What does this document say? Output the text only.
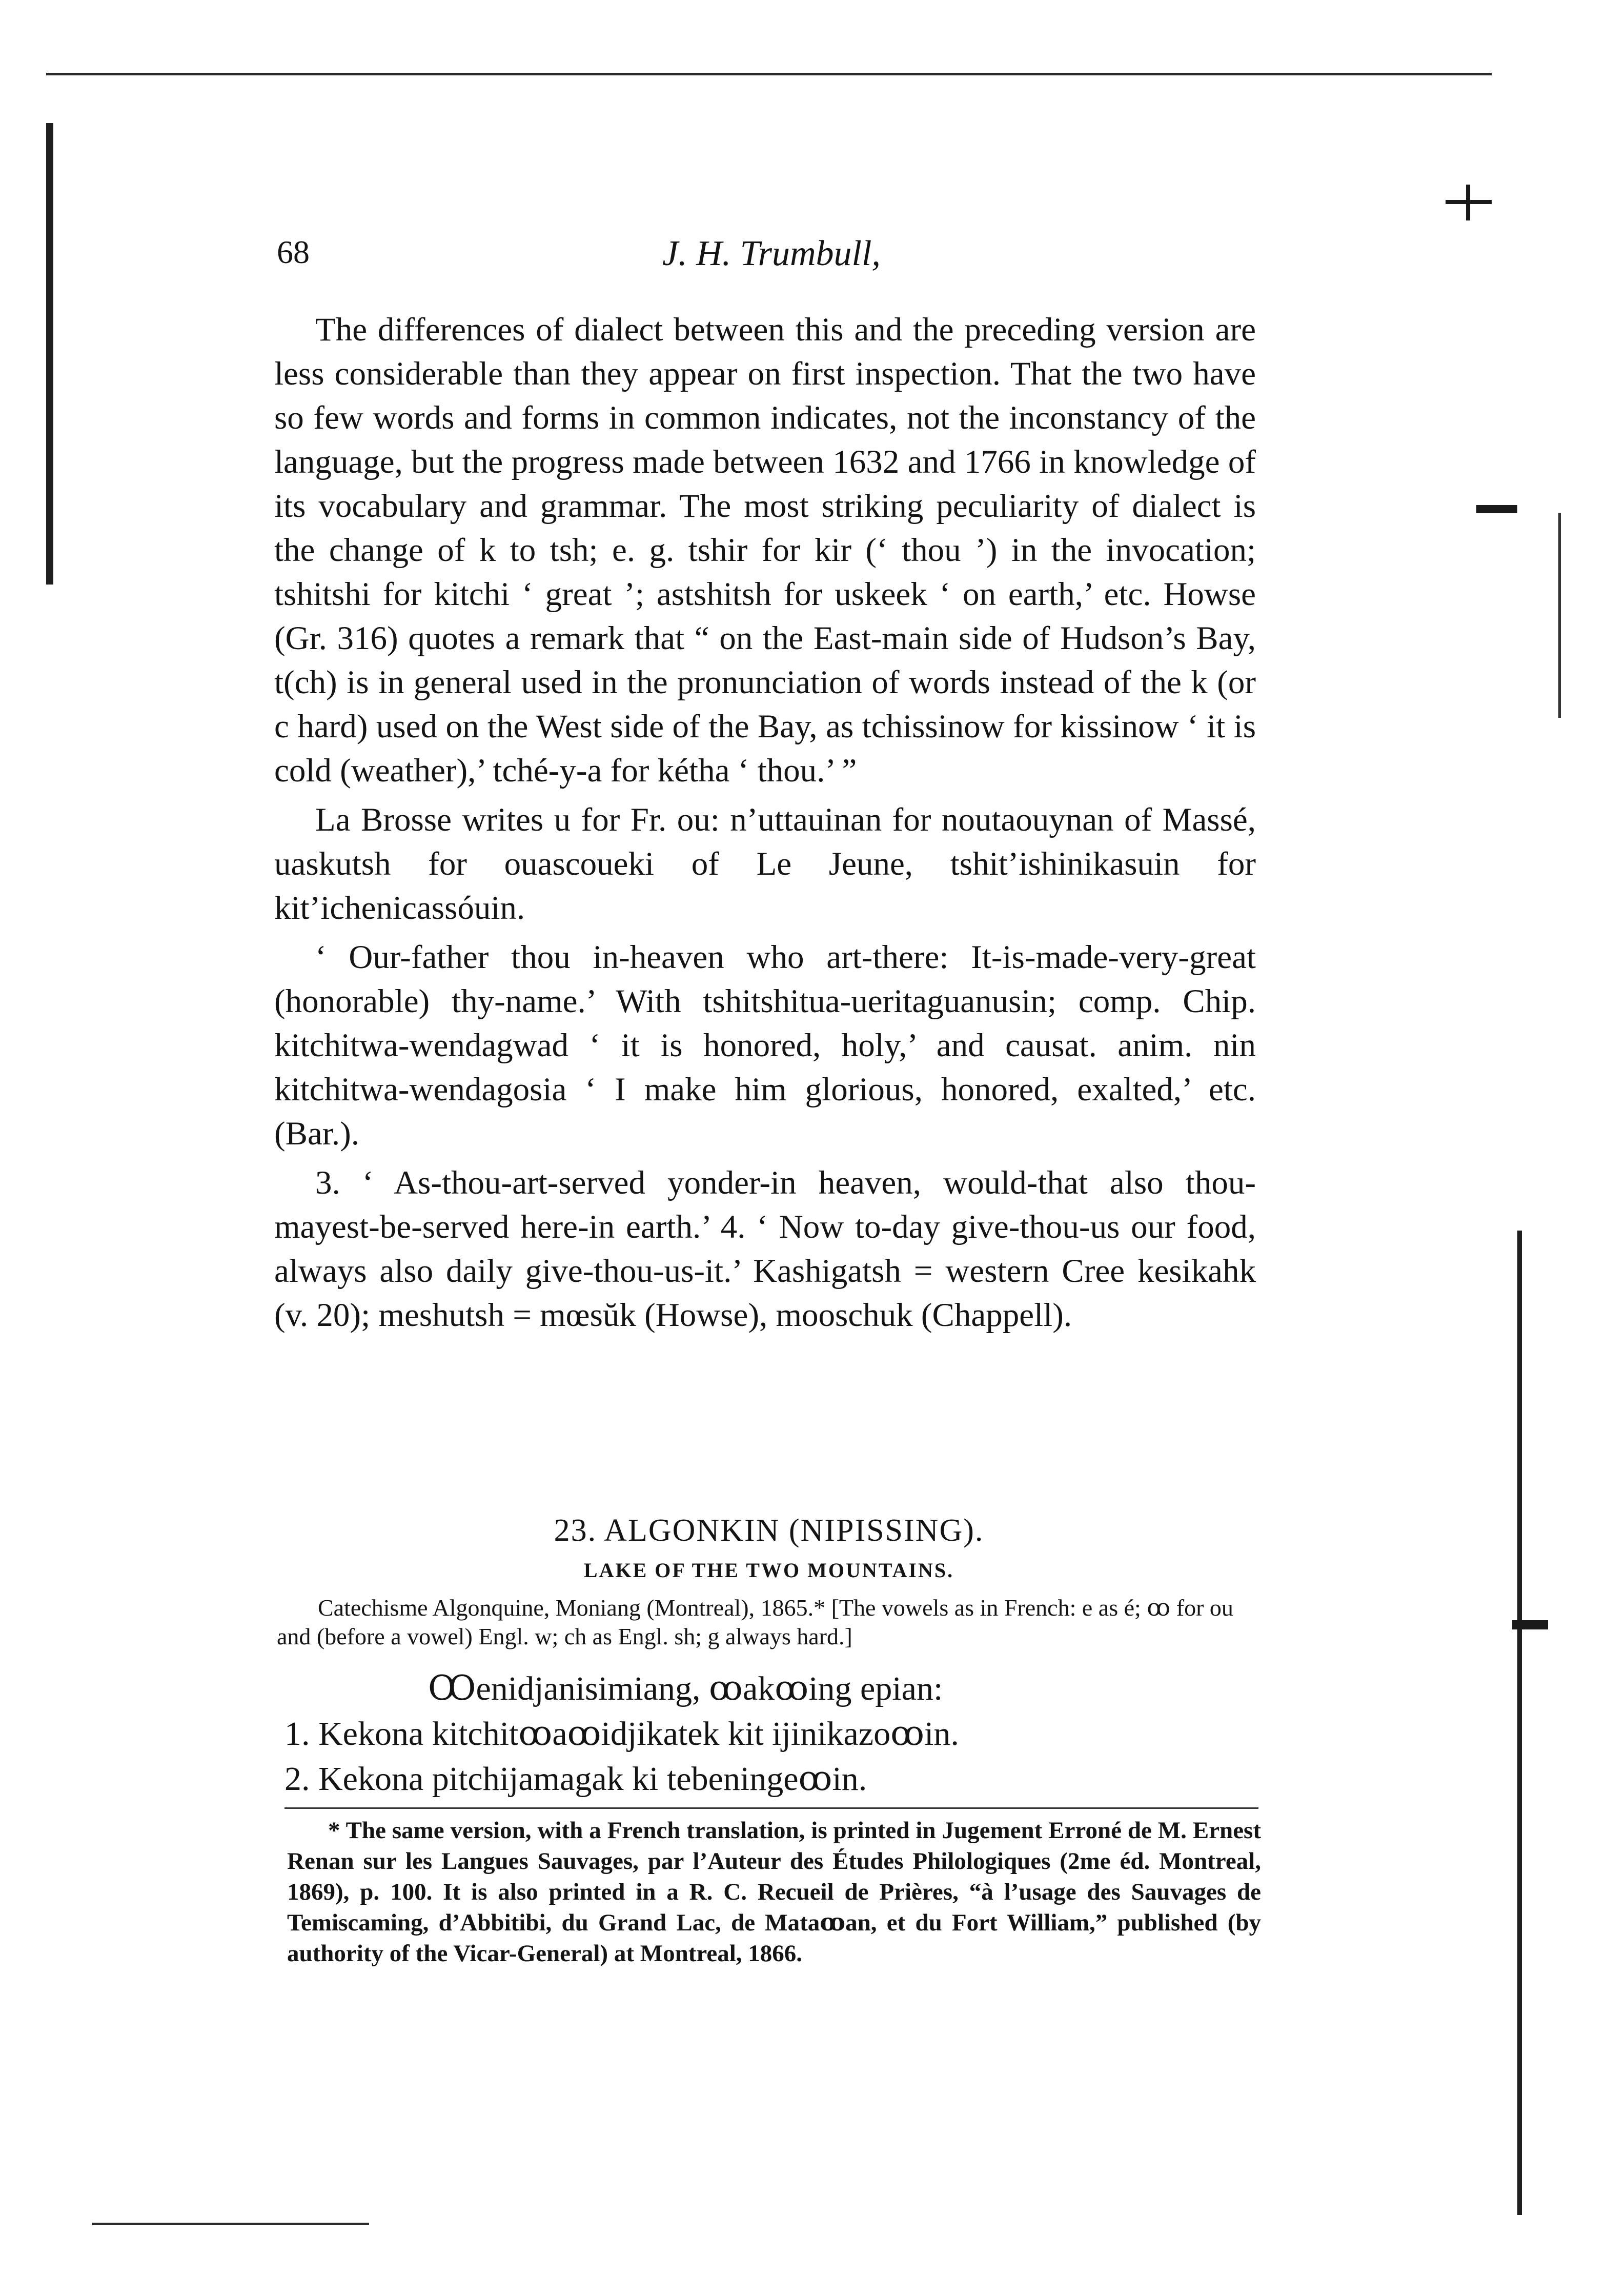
68	J. H. Trumbull,

The differences of dialect between this and the preceding version are less considerable than they appear on first inspection. That the two have so few words and forms in common indicates, not the inconstancy of the language, but the progress made between 1632 and 1766 in knowledge of its vocabulary and grammar. The most striking peculiarity of dialect is the change of k to tsh; e. g. tshir for kir (‘ thou ’) in the invocation; tshitshi for kitchi ‘ great ’; astshitsh for uskeek ‘ on earth,’ etc. Howse (Gr. 316) quotes a remark that “ on the East-main side of Hudson’s Bay, t(ch) is in general used in the pronunciation of words instead of the k (or c hard) used on the West side of the Bay, as tchissinow for kissinow ‘ it is cold (weather),’ tché-y-a for kétha ‘ thou.’ ”

La Brosse writes u for Fr. ou: n’uttauinan for noutaouynan of Massé, uaskutsh for ouascoueki of Le Jeune, tshit’ishinikasuin for kit’ichenicassóuin.

‘ Our-father thou in-heaven who art-there: It-is-made-very-great (honorable) thy-name.’ With tshitshitua-ueritaguanusin; comp. Chip. kitchitwa-wendagwad ‘ it is honored, holy,’ and causat. anim. nin kitchitwa-wendagosia ‘ I make him glorious, honored, exalted,’ etc. (Bar.).

3. ‘ As-thou-art-served yonder-in heaven, would-that also thou-mayest-be-served here-in earth.’ 4. ‘ Now to-day give-thou-us our food, always also daily give-thou-us-it.’ Kashigatsh = western Cree kesikahk (v. 20); meshutsh = mœsŭk (Howse), mooschuk (Chappell).

23. ALGONKIN (NIPISSING).
LAKE OF THE TWO MOUNTAINS.
Catechisme Algonquine, Moniang (Montreal), 1865.* [The vowels as in French: e as é; ꝏ for ou and (before a vowel) Engl. w; ch as Engl. sh; g always hard.]
Ꝏenidjanisimiang, ꝏakꝏing epian:
1. Kekona kitchitꝏaꝏidjikatek kit ijinikazoꝏin.
2. Kekona pitchijamagak ki tebeningeꝏin.
* The same version, with a French translation, is printed in Jugement Erroné de M. Ernest Renan sur les Langues Sauvages, par l’Auteur des Études Philologiques (2me éd. Montreal, 1869), p. 100. It is also printed in a R. C. Recueil de Prières, “à l’usage des Sauvages de Temiscaming, d’Abbitibi, du Grand Lac, de Mataꝏan, et du Fort William,” published (by authority of the Vicar-General) at Montreal, 1866.
